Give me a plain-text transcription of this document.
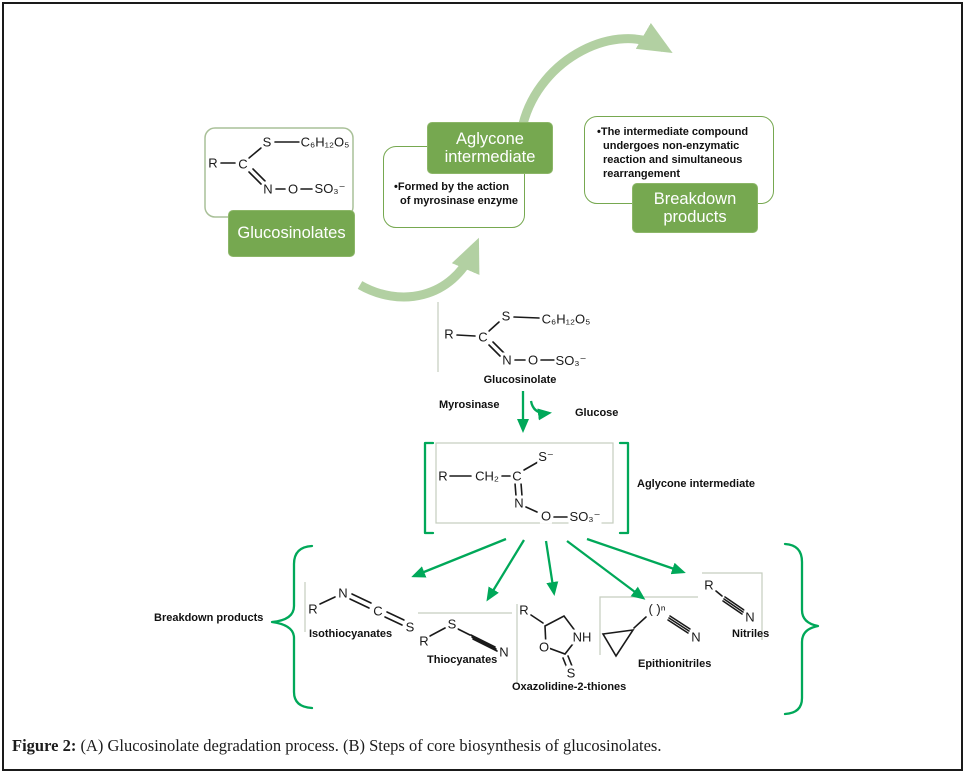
•Formed by the action of myrosinase enzyme
•The intermediate compound undergoes non-enzymatic reaction and simultaneous rearrangement
Glucosinolates
Aglycone intermediate
Breakdown products
R C
S C₆H₁₂O₅
N O SO₃⁻
R C
S C₆H₁₂O₅
N O SO₃⁻
Glucosinolate
Myrosinase
Glucose
R CH₂ C
S⁻
N
O SO₃⁻
Aglycone intermediate
Breakdown products
R
N
C
S
Isothiocyanates R
S
N
Thiocyanates
R
NH
O
S
Oxazolidine-2-thiones
( )ⁿ
N
Epithionitriles
R
N
Nitriles
Figure 2: (A) Glucosinolate degradation process. (B) Steps of core biosynthesis of glucosinolates.
